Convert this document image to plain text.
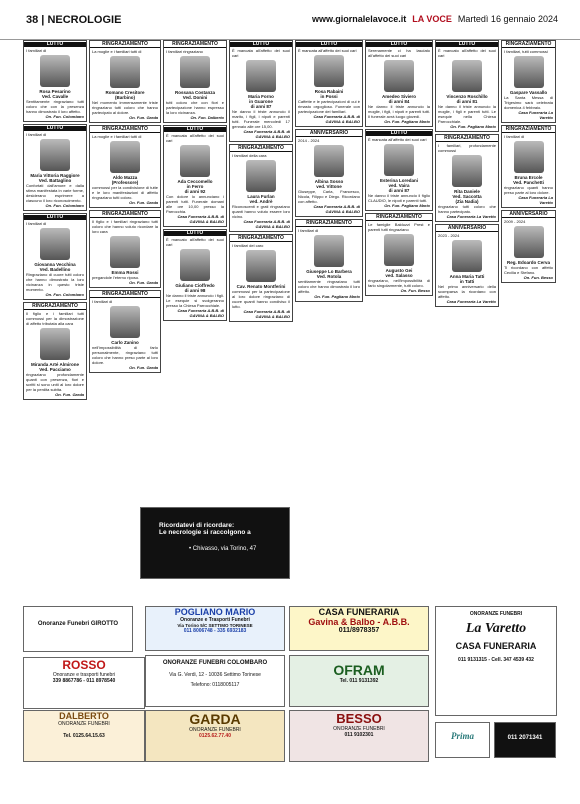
38 | NECROLOGIE	www.giornalelavoce.it LA VOCE Martedì 16 gennaio 2024
LUTTO
I familiari di
Rosa Pesarino
Ved. Cavalle
Sentitamente ringraziano tutti coloro che con la presenza hanno dimostrato il loro affetto.
On. Fun. Colombaro
LUTTO
I familiari di
Maria Vittoria Raggiore
Ved. Battaglino
Confortati dall'amore e dalla stima manifestata in varie forme, desiderano esprimere a ciascuno il loro riconoscimento.
On. Fun. Colombaro
LUTTO
I familiari di
Giovanna Vecchina
Ved. Badellino
Ringraziano di cuore tutti coloro che hanno dimostrato la loro vicinanza in questo triste momento.
On. Fun. Colombaro
RINGRAZIAMENTO
Il figlio e i familiari tutti commossi per la dimostrazione di affetto tributata alla cara
Miranda Arté Almirone
Ved. Pacciamo
ringraziano profondamente quanti con presenza, fiori e scritti si sono uniti al loro dolore per la perdita subita.
On. Fun. Garda
RINGRAZIAMENTO
La moglie e i familiari tutti di
Romano Cresitore
(Barbino)
Nel momento immensamente triste ringraziano tutti coloro che hanno partecipato al dolore.
On. Fun. Garda
RINGRAZIAMENTO
La moglie e i familiari tutti di
Aldo Mazza
(Professore)
commossi per la condivisione di tutte e le loro manifestazioni di affetto ringraziano tutti coloro.
On. Fun. Garda
RINGRAZIAMENTO
Il figlio e i familiari ringraziano tutti coloro che hanno voluto ricordare la loro cara
Emma Rossi
pregandole l'eterno riposo.
On. Fun. Garda
RINGRAZIAMENTO
I familiari di
Carlo Zanino
nell'impossibilità di farlo personalmente, ringraziano tutti coloro che hanno preso parte al loro dolore.
On. Fun. Garda
RINGRAZIAMENTO
I familiari ringraziano
Rossana Costanza
Ved. Donini
tutti coloro che con fiori e partecipazione hanno espresso la loro vicinanza.
On. Fun. Dalberto
LUTTO
È mancata all'affetto dei suoi cari
Ada Ceccomello
in Ferro
di anni 92
Con dolore lo annunciano i parenti tutti. Funerale domani alle ore 10,00 presso la Parrocchia.
Casa Funeraria A.B.B. di GAVINA & BALBO
LUTTO
È mancato all'affetto dei suoi cari
Giuliano Cioffredo
di anni 98
Ne danno il triste annuncio i figli. Le esequie si svolgeranno presso la Chiesa Parrocchiale.
Casa Funeraria A.B.B. di GAVINA & BALBO
LUTTO
È mancata all'affetto dei suoi cari
Maria Forno
in Guarone
di anni 87
Ne danno il triste annuncio il marito, i figli, i nipoti e parenti tutti. Funerale mercoledì 17 gennaio alle ore 15,00.
Casa Funeraria A.B.B. di GAVINA & BALBO
RINGRAZIAMENTO
I familiari della cara
Laura Furlan
ved. Andrè
Riconoscenti e grati ringraziano quanti hanno voluto essere loro vicino.
Casa Funeraria A.B.B. di GAVINA & BALBO
RINGRAZIAMENTO
I familiari del caro
Cav. Renato Montferini
commossi per la partecipazione al loro dolore ringraziano di cuore quanti hanno condiviso il lutto.
Casa Funeraria A.B.B. di GAVINA & BALBO
LUTTO
È mancata all'affetto dei suoi cari
Rosa Rabaini
in Possi
Caffette e le partecipazioni di cui è rimasto orgoglioso. Funerale con partecipazione dei familiari.
Casa Funeraria A.B.B. di GAVINA & BALBO
ANNIVERSARIO
2014 - 2024
Albina Sosso
ved. Vittone
Giuseppe, Carla, Francesco, Nicola, Filippo e Diego. Ricordano con affetto.
Casa Funeraria A.B.B. di GAVINA & BALBO
RINGRAZIAMENTO
I familiari di
Giuseppe Lo Barbera
Ved. Rotola
sentitamente ringraziano tutti coloro che hanno dimostrato il loro affetto.
On. Fun. Pagliano Mario
LUTTO
Serenamente ci ha lasciato all'affetto dei suoi cari
Amedeo Siviero
di anni 84
Ne danno il triste annuncio la moglie, i figli, i nipoti e parenti tutti. Il funerale avrà luogo giovedì.
On. Fun. Pagliano Mario
LUTTO
È mancata all'affetto dei suoi cari
Esterina Loredani
ved. Vaira
di anni 87
Ne danno il triste annuncio il figlio CLAUDIO, le nipoti e parenti tutti.
On. Fun. Pagliano Mario
RINGRAZIAMENTO
Le famiglie Balduzzi Prest e parenti tutti ringraziano
Augusto Gei
ved. Salasso
ringraziano, nell'impossibilità di farlo singolarmente, tutti coloro.
On. Fun. Besso
LUTTO
È mancato all'affetto dei suoi cari
Vincenzo Roschillo
di anni 81
Ne danno il triste annuncio la moglie, i figli e parenti tutti. Le esequie nella Chiesa Parrocchiale.
On. Fun. Pagliano Mario
RINGRAZIAMENTO
I familiari, profondamente commossi
Rita Daniele
Ved. Saccotta
(Zia Nadia)
ringraziano tutti coloro che hanno partecipato.
Casa Funeraria La Varetto
ANNIVERSARIO
2023 - 2024
Anna Maria Tatti
in Tatti
Nel primo anniversario della scomparsa la ricordano con affetto.
Casa Funeraria La Varetto
RINGRAZIAMENTO
I familiari, tutti commossi
Gaspare Vassallo
La Santa Messa di Trigesimo sarà celebrata domenica 4 febbraio.
Casa Funeraria La Varetto
RINGRAZIAMENTO
I familiari di
Bruna Ercole
Ved. Panchetti
ringraziano quanti hanno preso parte al loro dolore.
Casa Funeraria La Varetto
ANNIVERSARIO
2009 - 2024
Reg. Edoardo Cerva
Ti ricordano con affetto Cecilia e Stefano.
On. Fun. Besso
Ricordatevi di ricordare:
Le necrologie si raccolgono a
• Chivasso, via Torino, 47
Onoranze Funebri GIROTTO
POGLIANO MARIO
Onoranze e Trasporti Funebri
Via Torino 5/C SETTIMO TORINESE
011 8006748 - 335 6932183
CASA FUNERARIA
Gavina & Balbo - A.B.B.
011/8978357
ONORANZE FUNEBRI
La Varetto
CASA FUNERARIA
011 9131315 - Cell. 347 4539 432
ROSSO
Onoranze e trasporti funebri
339 8867786 - 011 8978540
ONORANZE FUNEBRI COLOMBARO
Via G. Verdi, 12 - 10036 Settimo Torinese
Telefono: 0118005117
OFRAM
Tel. 011 9131392
DALBERTO
ONORANZE FUNEBRI
Tel. 0125.64.15.63
GARDA
ONORANZE FUNEBRI
0125.62.77.40
BESSO
ONORANZE FUNEBRI
011 9102301	Prima	011 2071341
